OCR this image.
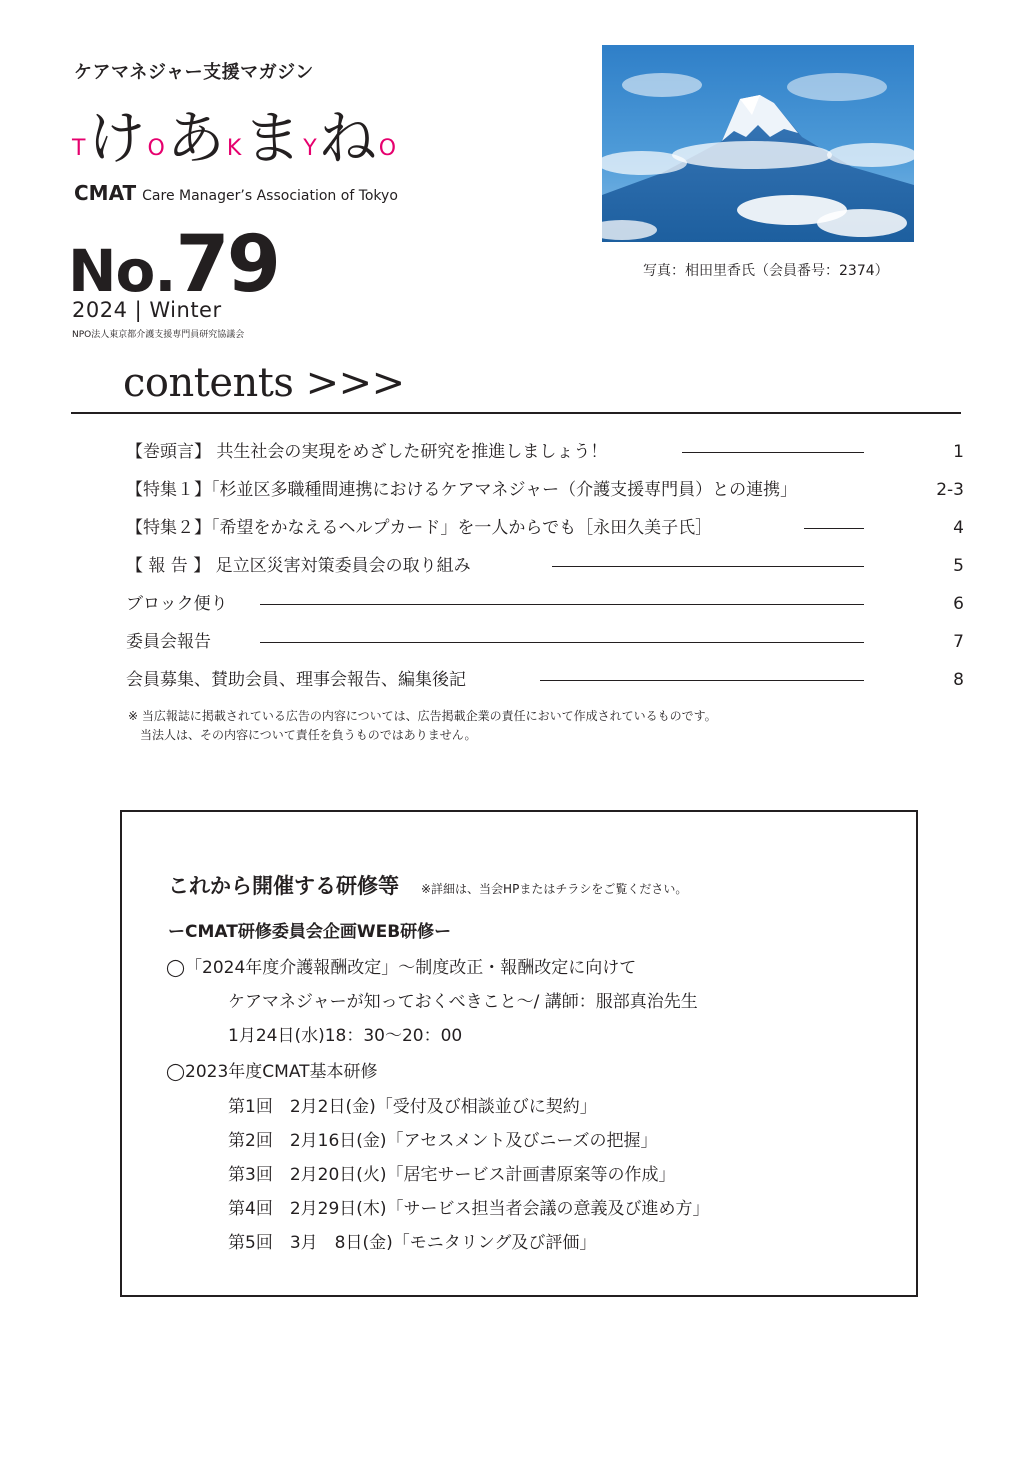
ケアマネジャー支援マガジン
TけOあKまYねO
CMAT Care Manager’s Association of Tokyo
No.79
2024 | Winter
NPO法人東京都介護支援専門員研究協議会
写真：相田里香氏（会員番号：2374）
contents >>>
【巻頭言】 共生社会の実現をめざした研究を推進しましょう！	1
【特集１】「杉並区多職種間連携におけるケアマネジャー（介護支援専門員）との連携」	2-3
【特集２】「希望をかなえるヘルプカード」を一人からでも［永田久美子氏］	4
【 報 告 】 足立区災害対策委員会の取り組み	5
ブロック便り	6
委員会報告	7
会員募集、賛助会員、理事会報告、編集後記	8
※ 当広報誌に掲載されている広告の内容については、広告掲載企業の責任において作成されているものです。
　当法人は、その内容について責任を負うものではありません。
これから開催する研修等 ※詳細は、当会HPまたはチラシをご覧ください。
ーCMAT研修委員会企画WEB研修ー
◯「2024年度介護報酬改定」～制度改正・報酬改定に向けて
ケアマネジャーが知っておくべきこと～/ 講師：服部真治先生
1月24日(水)18：30～20：00
◯2023年度CMAT基本研修
第1回　2月2日(金)「受付及び相談並びに契約」
第2回　2月16日(金)「アセスメント及びニーズの把握」
第3回　2月20日(火)「居宅サービス計画書原案等の作成」
第4回　2月29日(木)「サービス担当者会議の意義及び進め方」
第5回　3月　8日(金)「モニタリング及び評価」
